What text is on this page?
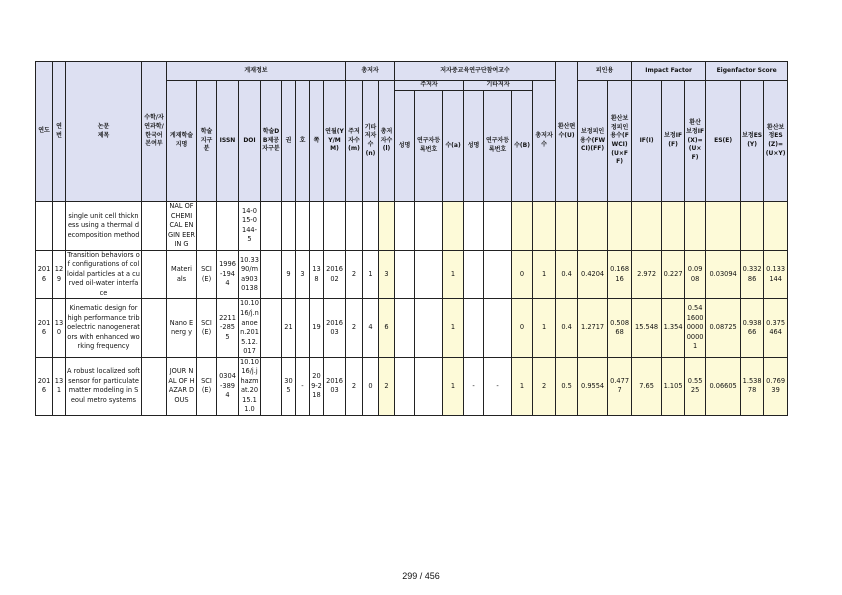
연도	연번	논문
제목	수학/자연과학/한국어본여부	게재정보									총저자			저자중교육연구단참여교수							환산편수(U)	피인용		Impact Factor			Eigenfactor Score		
				게재학술지명	학술지구분	ISSN	DOI	학술DB제공자구분	권	호	쪽	연월(YY/MM)	주저자수(m)	기타저자수(n)	총저자수(l)	주저자			기타저자			총저자수		보정피인용수(FWCI)(FF)	환산보정피인용수(FWCI)(U×FF)	IF(I)	보정IF(F)	환산 보정IF(X)=(U×F)	ES(E)	보정ES(Y)	환산보정ES(Z)=(U×Y)
																성명	연구자등록번호	수(a)	성명	연구자등록번호	수(B)										
		single unit cell thickness using a thermal decomposition method		NAL OF CHEMI CAL ENGIN EERIN G			14-015-0144-5																								
2016	129	Transition behaviors of configurations of colloidal particles at a curved oil-water interface		Materi als	SCI(E)	1996-1944	10.3390/ma9030138		9	3	138	2016 02	2	1	3			1			0	1	0.4	0.4204	0.16816	2.972	0.227	0.0908	0.03094	0.33286	0.133144
2016	130	Kinematic design for high performance triboelectric nanogenerators with enhanced working frequency		Nano Energ y	SCI(E)	2211-2855	10.1016/j.nanoen.2015.12.017		21		19	2016 03	2	4	6			1			0	1	0.4	1.2717	0.50868	15.548	1.354	0.541600000000001	0.08725	0.93866	0.375464
2016	131	A robust localized soft sensor for particulate matter modeling in Seoul metro systems		JOUR NAL OF HAZAR DOUS	SCI(E)	0304-3894	10.1016/j.jhazmat.2015.11.0		305	-	209-218	2016 03	2	0	2			1	-	-	1	2	0.5	0.9554	0.4777	7.65	1.105	0.5525	0.06605	1.53878	0.76939
299 / 456
